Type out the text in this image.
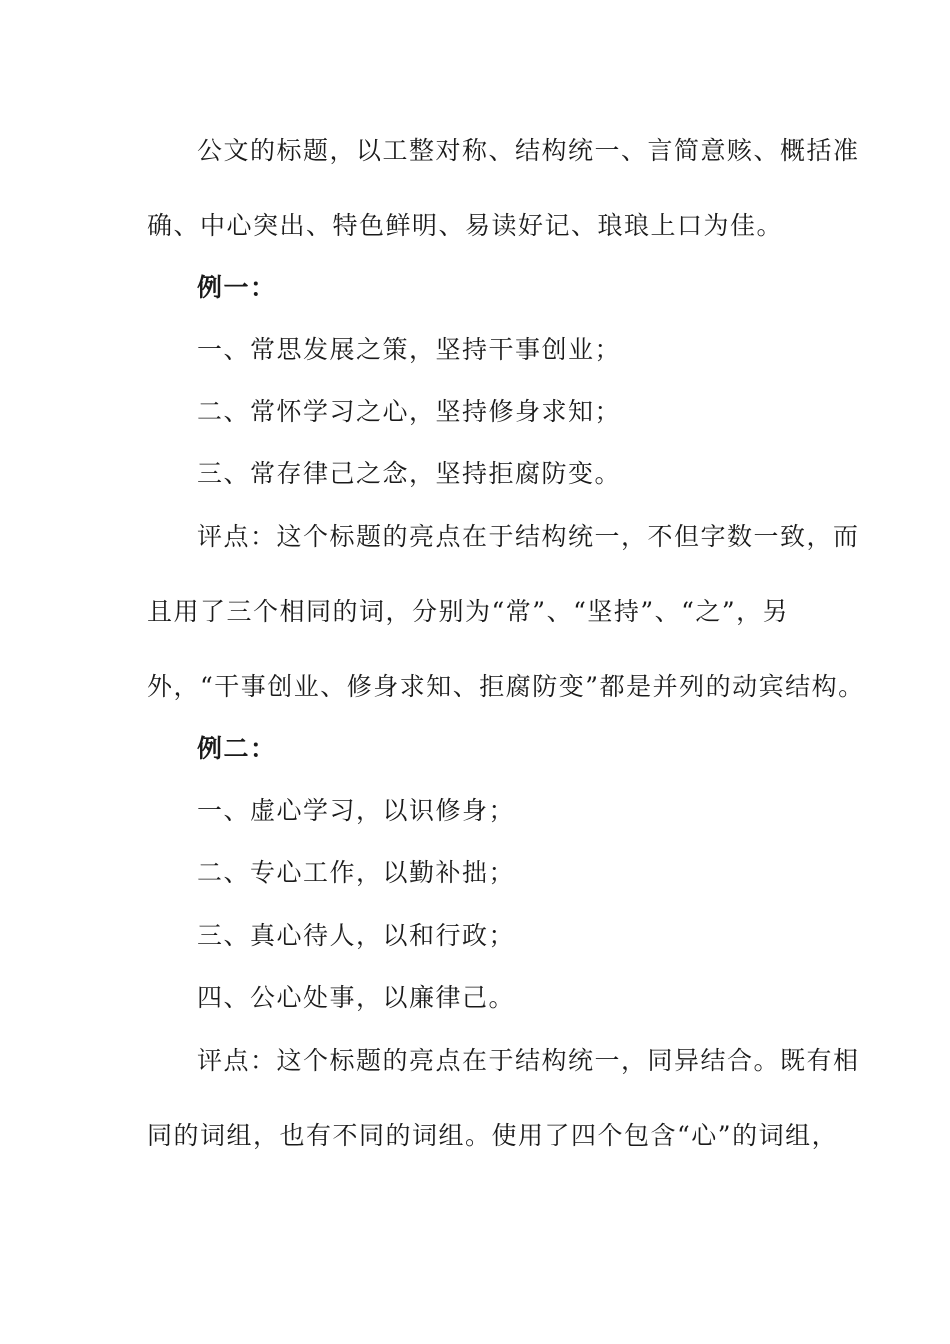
公文的标题，以工整对称、结构统一、言简意赅、概括准
确、中心突出、特色鲜明、易读好记、琅琅上口为佳。
例一：
一、常思发展之策，坚持干事创业；
二、常怀学习之心，坚持修身求知；
三、常存律己之念，坚持拒腐防变。
评点：这个标题的亮点在于结构统一，不但字数一致，而
且用了三个相同的词，分别为“常”、“坚持”、“之”，另
外，“干事创业、修身求知、拒腐防变”都是并列的动宾结构。
例二：
一、虚心学习，以识修身；
二、专心工作，以勤补拙；
三、真心待人，以和行政；
四、公心处事，以廉律己。
评点：这个标题的亮点在于结构统一，同异结合。既有相
同的词组，也有不同的词组。使用了四个包含“心”的词组，
